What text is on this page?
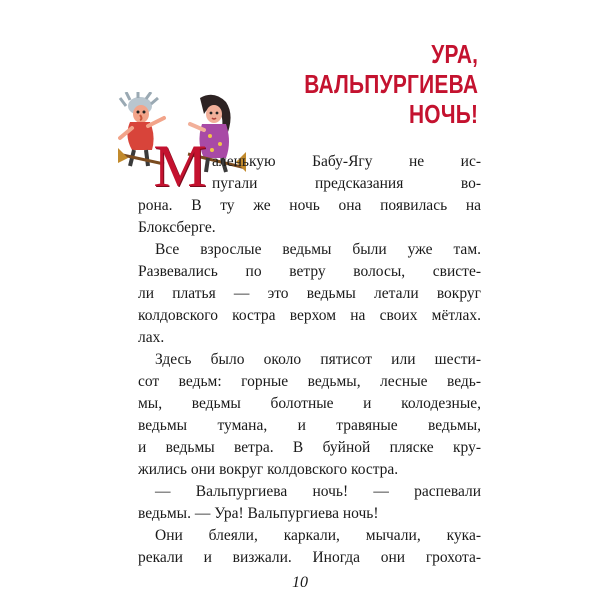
УРА,
ВАЛЬПУРГИЕВА
НОЧЬ!
М аленькую Бабу-Ягу не ис-

пугали предсказания во-

рона. В ту же ночь она появилась на

Блоксберге.

Все взрослые ведьмы были уже там.

Развевались по ветру волосы, свисте-

ли платья — это ведьмы летали вокруг

колдовского костра верхом на своих мётлах.

лах.

Здесь было около пятисот или шести-

сот ведьм: горные ведьмы, лесные ведь-

мы, ведьмы болотные и колодезные,

ведьмы тумана, и травяные ведьмы,

и ведьмы ветра. В буйной пляске кру-

жились они вокруг колдовского костра.

— Вальпургиева ночь! — распевали

ведьмы. — Ура! Вальпургиева ночь!

Они блеяли, каркали, мычали, кука-

рекали и визжали. Иногда они грохота-

10
